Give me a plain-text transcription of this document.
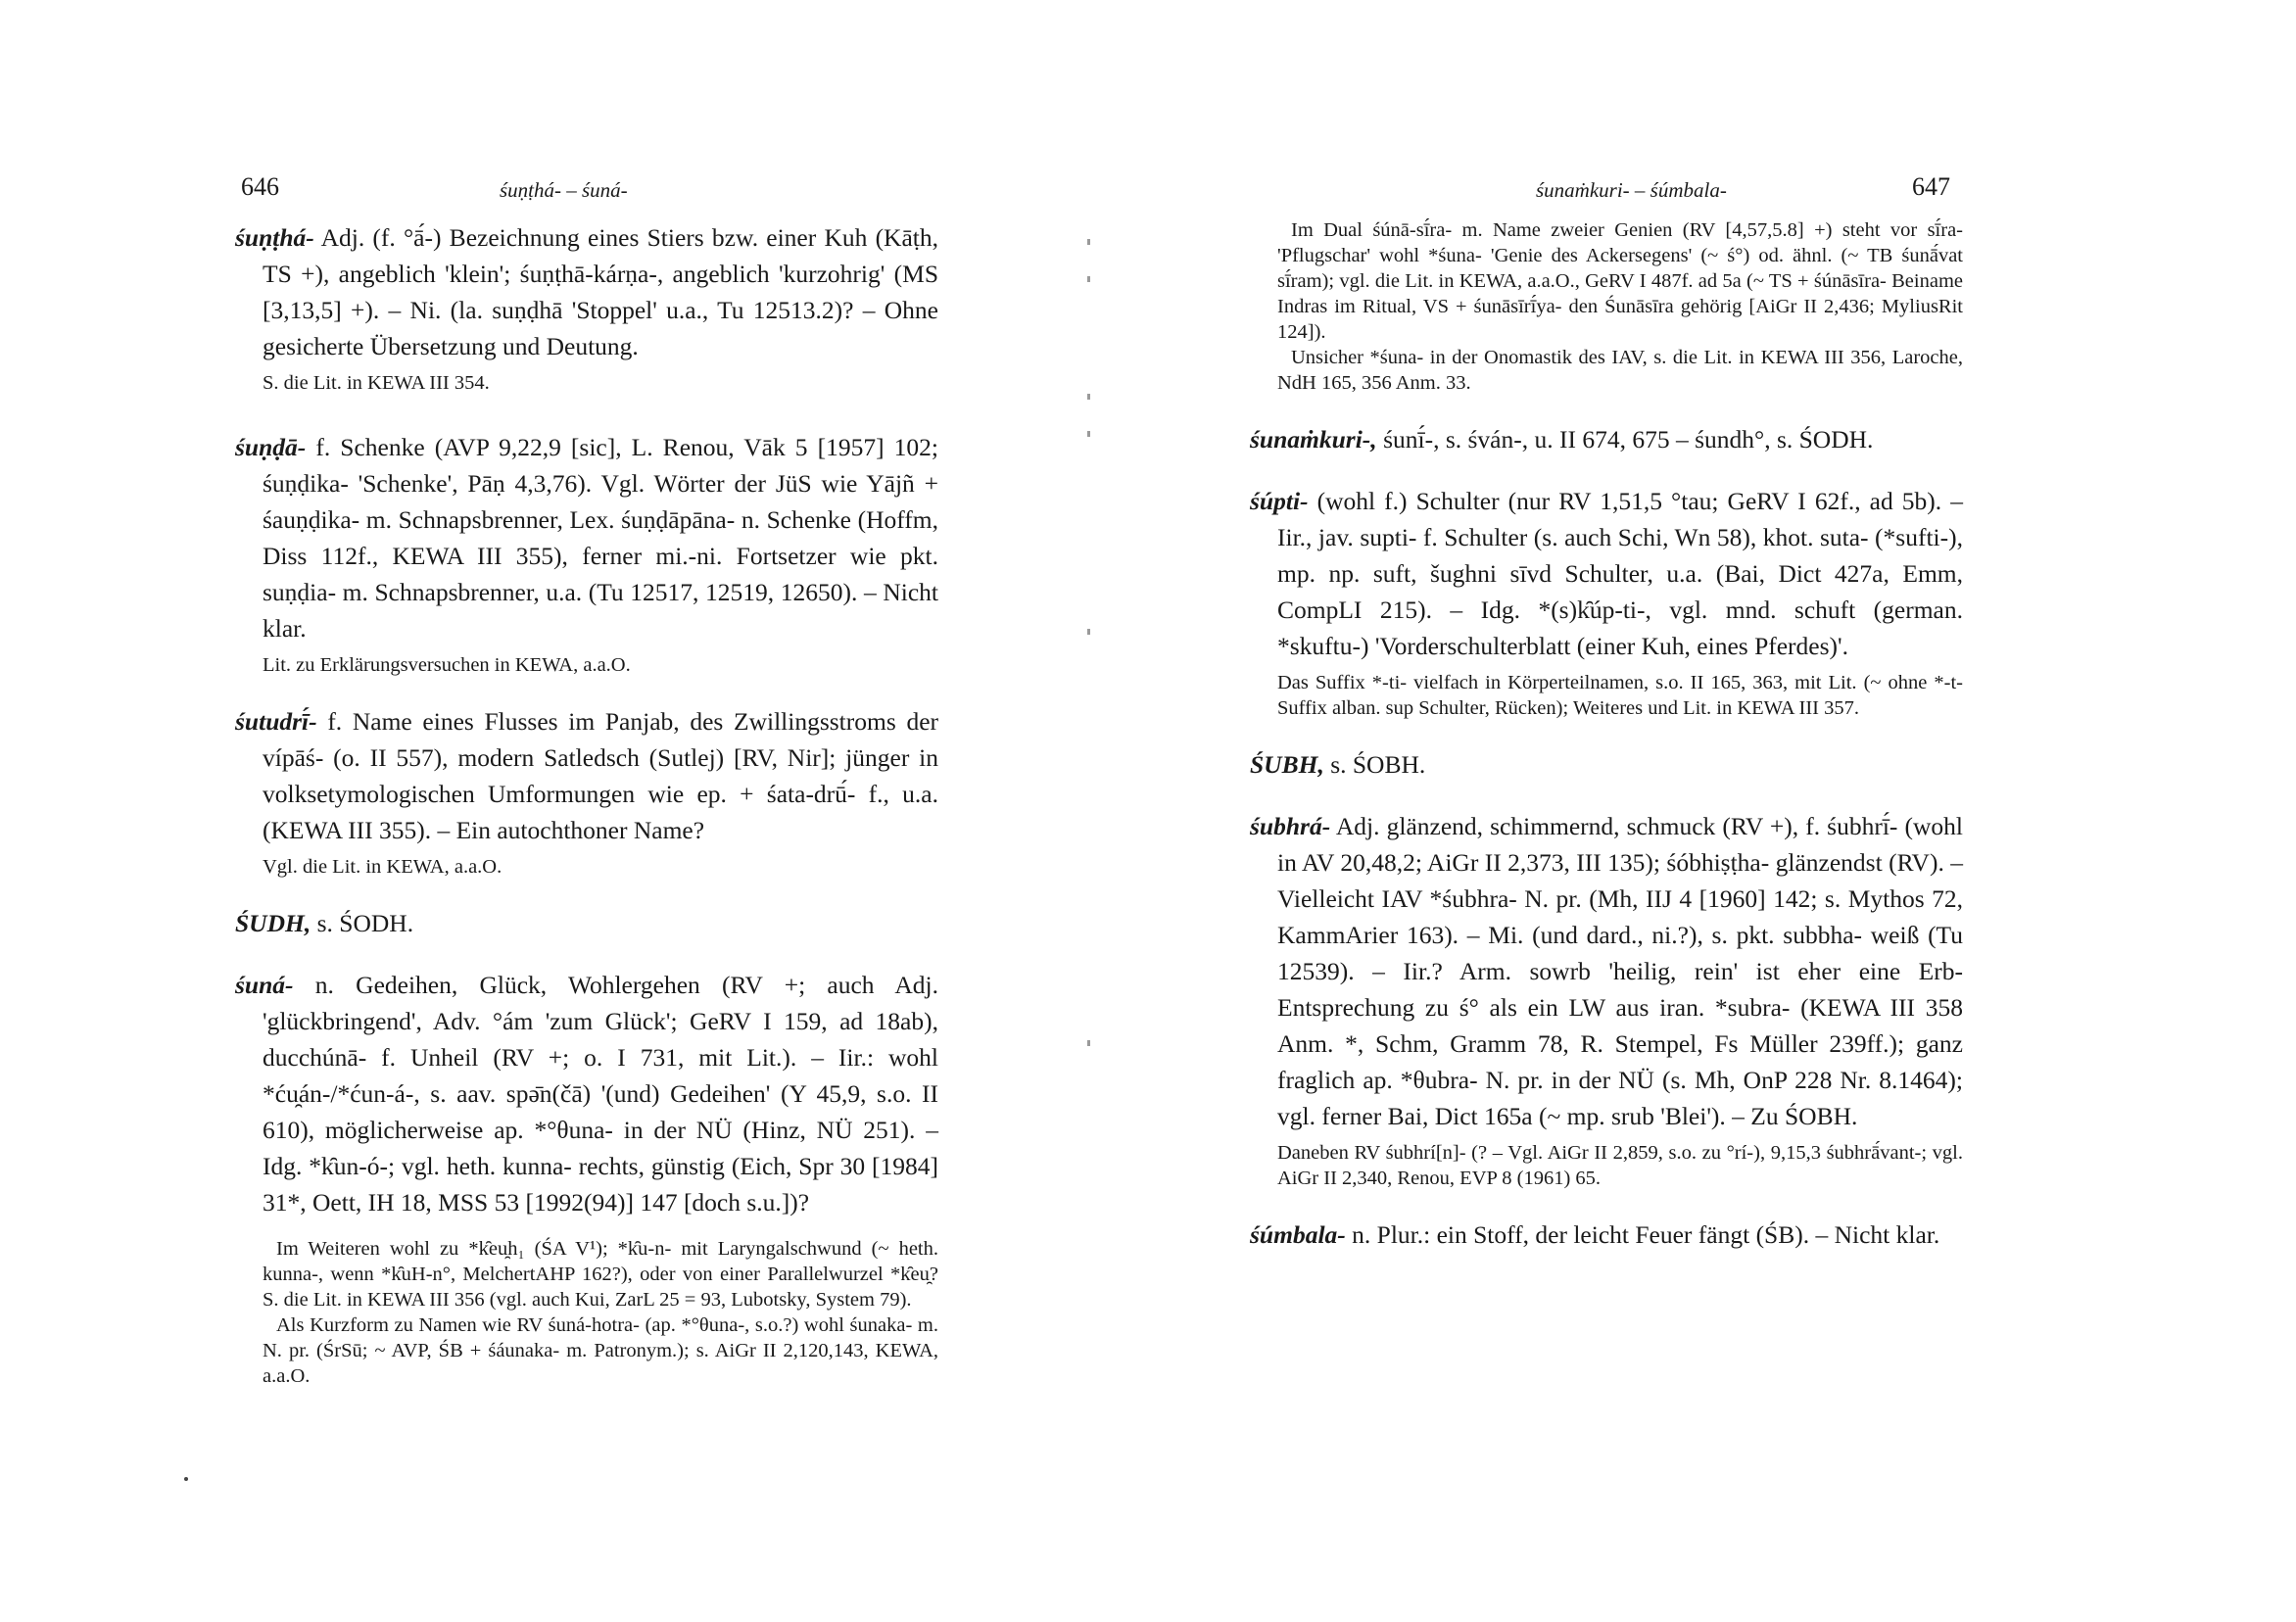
646	śuṇṭhá- – śuná-

śuṇṭhá- Adj. (f. °ā́-) Bezeichnung eines Stiers bzw. einer Kuh (Kāṭh, TS +), angeblich 'klein'; śuṇṭhā-kárṇa-, angeblich 'kurzohrig' (MS [3,13,5] +). – Ni. (la. suṇḍhā 'Stoppel' u.a., Tu 12513.2)? – Ohne gesicherte Übersetzung und Deutung.

S. die Lit. in KEWA III 354.

śuṇḍā- f. Schenke (AVP 9,22,9 [sic], L. Renou, Vāk 5 [1957] 102; śuṇḍika- 'Schenke', Pāṇ 4,3,76). Vgl. Wörter der JüS wie Yājñ + śauṇḍika- m. Schnapsbrenner, Lex. śuṇḍāpāna- n. Schenke (Hoffm, Diss 112f., KEWA III 355), ferner mi.-ni. Fortsetzer wie pkt. suṇḍia- m. Schnapsbrenner, u.a. (Tu 12517, 12519, 12650). – Nicht klar.

Lit. zu Erklärungsversuchen in KEWA, a.a.O.

śutudrī́- f. Name eines Flusses im Panjab, des Zwillingsstroms der vípāś- (o. II 557), modern Satledsch (Sutlej) [RV, Nir]; jünger in volksetymologischen Umformungen wie ep. + śata-drū́- f., u.a. (KEWA III 355). – Ein autochthoner Name?

Vgl. die Lit. in KEWA, a.a.O.

ŚUDH, s. ŚODH.

śuná- n. Gedeihen, Glück, Wohlergehen (RV +; auch Adj. 'glückbringend', Adv. °ám 'zum Glück'; GeRV I 159, ad 18ab), ducchúnā- f. Unheil (RV +; o. I 731, mit Lit.). – Iir.: wohl *ću̯án-/*ćun-á-, s. aav. spə̄n(čā) '(und) Gedeihen' (Y 45,9, s.o. II 610), möglicherweise ap. *°θuna- in der NÜ (Hinz, NÜ 251). – Idg. *k̑un-ó-; vgl. heth. kunna- rechts, günstig (Eich, Spr 30 [1984] 31*, Oett, IH 18, MSS 53 [1992(94)] 147 [doch s.u.])?

Im Weiteren wohl zu *k̑eu̯h₁ (ŚA V¹); *k̑u-n- mit Laryngalschwund (~ heth. kunna-, wenn *k̑uH-n°, MelchertAHP 162?), oder von einer Parallelwurzel *k̑eu̯? S. die Lit. in KEWA III 356 (vgl. auch Kui, ZarL 25 = 93, Lubotsky, System 79).

Als Kurzform zu Namen wie RV śuná-hotra- (ap. *°θuna-, s.o.?) wohl śunaka- m. N. pr. (ŚrSū; ~ AVP, ŚB + śáunaka- m. Patronym.); s. AiGr II 2,120,143, KEWA, a.a.O.

śunaṁkuri- – śúmbala-	647

Im Dual śúnā-sī́ra- m. Name zweier Genien (RV [4,57,5.8] +) steht vor sī́ra- 'Pflugschar' wohl *śuna- 'Genie des Ackersegens' (~ ś°) od. ähnl. (~ TB śunā́vat sī́ram); vgl. die Lit. in KEWA, a.a.O., GeRV I 487f. ad 5a (~ TS + śúnāsīra- Beiname Indras im Ritual, VS + śunāsīrī́ya- den Śunāsīra gehörig [AiGr II 2,436; MyliusRit 124]).

Unsicher *śuna- in der Onomastik des IAV, s. die Lit. in KEWA III 356, Laroche, NdH 165, 356 Anm. 33.

śunaṁkuri-, śunī́-, s. śván-, u. II 674, 675 – śundh°, s. ŚODH.

śúpti- (wohl f.) Schulter (nur RV 1,51,5 °tau; GeRV I 62f., ad 5b). – Iir., jav. supti- f. Schulter (s. auch Schi, Wn 58), khot. suta- (*sufti-), mp. np. suft, šughni sīvd Schulter, u.a. (Bai, Dict 427a, Emm, CompLI 215). – Idg. *(s)k̑úp-ti-, vgl. mnd. schuft (german. *skuftu-) 'Vorderschulterblatt (einer Kuh, eines Pferdes)'.

Das Suffix *-ti- vielfach in Körperteilnamen, s.o. II 165, 363, mit Lit. (~ ohne *-t-Suffix alban. sup Schulter, Rücken); Weiteres und Lit. in KEWA III 357.

ŚUBH, s. ŚOBH.

śubhrá- Adj. glänzend, schimmernd, schmuck (RV +), f. śubhrī́- (wohl in AV 20,48,2; AiGr II 2,373, III 135); śóbhiṣṭha- glänzendst (RV). – Vielleicht IAV *śubhra- N. pr. (Mh, IIJ 4 [1960] 142; s. Mythos 72, KammArier 163). – Mi. (und dard., ni.?), s. pkt. subbha- weiß (Tu 12539). – Iir.? Arm. sowrb 'heilig, rein' ist eher eine Erb-Entsprechung zu ś° als ein LW aus iran. *subra- (KEWA III 358 Anm. *, Schm, Gramm 78, R. Stempel, Fs Müller 239ff.); ganz fraglich ap. *θubra- N. pr. in der NÜ (s. Mh, OnP 228 Nr. 8.1464); vgl. ferner Bai, Dict 165a (~ mp. srub 'Blei'). – Zu ŚOBH.

Daneben RV śubhrí[n]- (? – Vgl. AiGr II 2,859, s.o. zu °rí-), 9,15,3 śubhrā́vant-; vgl. AiGr II 2,340, Renou, EVP 8 (1961) 65.

śúmbala- n. Plur.: ein Stoff, der leicht Feuer fängt (ŚB). – Nicht klar.
